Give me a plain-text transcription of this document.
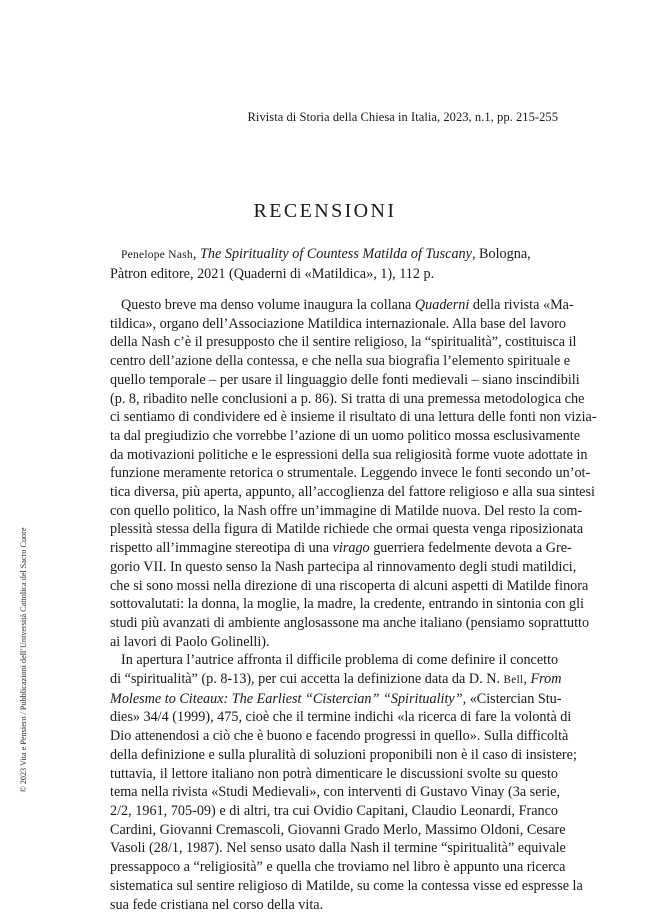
Rivista di Storia della Chiesa in Italia, 2023, n.1, pp. 215-255
RECENSIONI
© 2023 Vita e Pensiero / Pubblicazioni dell’Università Cattolica del Sacro Cuore
Penelope Nash, The Spirituality of Countess Matilda of Tuscany, Bologna,
Pàtron editore, 2021 (Quaderni di «Matildica», 1), 112 p.
Questo breve ma denso volume inaugura la collana Quaderni della rivista «Ma-
tildica», organo dell’Associazione Matildica internazionale. Alla base del lavoro
della Nash c’è il presupposto che il sentire religioso, la “spiritualità”, costituisca il
centro dell’azione della contessa, e che nella sua biografia l’elemento spirituale e
quello temporale – per usare il linguaggio delle fonti medievali – siano inscindibili
(p. 8, ribadito nelle conclusioni a p. 86). Si tratta di una premessa metodologica che
ci sentiamo di condividere ed è insieme il risultato di una lettura delle fonti non vizia-
ta dal pregiudizio che vorrebbe l’azione di un uomo politico mossa esclusivamente
da motivazioni politiche e le espressioni della sua religiosità forme vuote adottate in
funzione meramente retorica o strumentale. Leggendo invece le fonti secondo un’ot-
tica diversa, più aperta, appunto, all’accoglienza del fattore religioso e alla sua sintesi
con quello politico, la Nash offre un’immagine di Matilde nuova. Del resto la com-
plessità stessa della figura di Matilde richiede che ormai questa venga riposizionata
rispetto all’immagine stereotipa di una virago guerriera fedelmente devota a Gre-
gorio VII. In questo senso la Nash partecipa al rinnovamento degli studi matildici,
che si sono mossi nella direzione di una riscoperta di alcuni aspetti di Matilde finora
sottovalutati: la donna, la moglie, la madre, la credente, entrando in sintonia con gli
studi più avanzati di ambiente anglosassone ma anche italiano (pensiamo soprattutto
ai lavori di Paolo Golinelli).
In apertura l’autrice affronta il difficile problema di come definire il concetto
di “spiritualità” (p. 8-13), per cui accetta la definizione data da D. N. Bell, From
Molesme to Citeaux: The Earliest “Cistercian” “Spirituality”, «Cistercian Stu-
dies» 34/4 (1999), 475, cioè che il termine indichi «la ricerca di fare la volontà di
Dio attenendosi a ciò che è buono e facendo progressi in quello». Sulla difficoltà
della definizione e sulla pluralità di soluzioni proponibili non è il caso di insistere;
tuttavia, il lettore italiano non potrà dimenticare le discussioni svolte su questo
tema nella rivista «Studi Medievali», con interventi di Gustavo Vinay (3a serie,
2/2, 1961, 705-09) e di altri, tra cui Ovidio Capitani, Claudio Leonardi, Franco
Cardini, Giovanni Cremascoli, Giovanni Grado Merlo, Massimo Oldoni, Cesare
Vasoli (28/1, 1987). Nel senso usato dalla Nash il termine “spiritualità” equivale
pressappoco a “religiosità” e quella che troviamo nel libro è appunto una ricerca
sistematica sul sentire religioso di Matilde, su come la contessa visse ed espresse la
sua fede cristiana nel corso della vita.
